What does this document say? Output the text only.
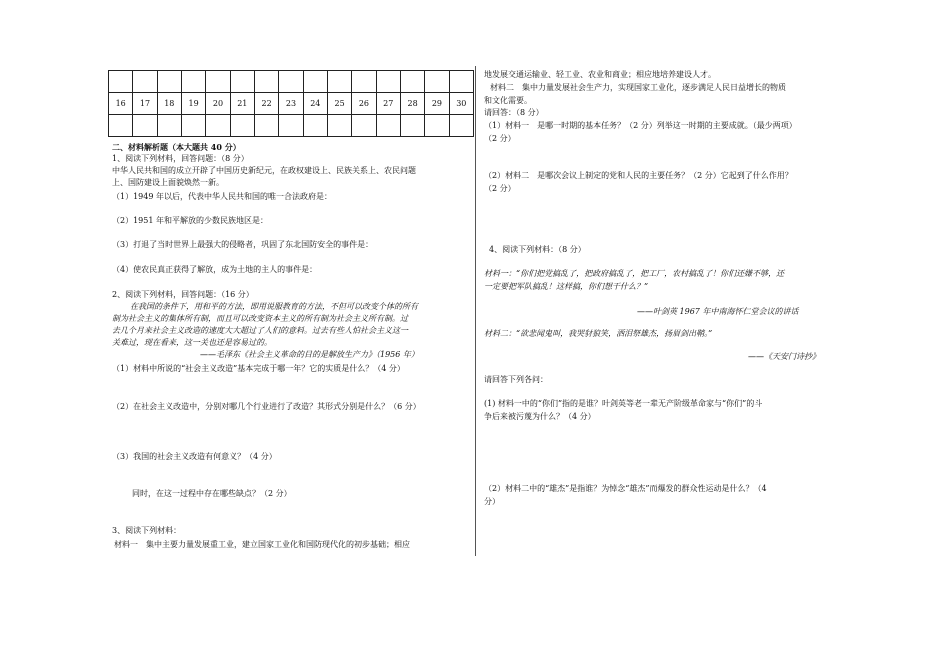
16	17	18	19	20	21	22	23	24	25	26	27	28	29	30

二、材料解析题（本大题共 40 分）
1、阅读下列材料，回答问题：（8 分）
中华人民共和国的成立开辟了中国历史新纪元，在政权建设上、民族关系上、农民问题
上、国防建设上面貌焕然一新。
（1）1949 年以后，代表中华人民共和国的唯一合法政府是：
（2）1951 年和平解放的少数民族地区是：
（3）打退了当时世界上最强大的侵略者，巩固了东北国防安全的事件是：
（4）使农民真正获得了解放，成为土地的主人的事件是：
2、阅读下列材料，回答问题：（16 分）
在我国的条件下，用和平的方法，即用说服教育的方法，不但可以改变个体的所有
制为社会主义的集体所有制，而且可以改变资本主义的所有制为社会主义所有制。过
去几个月来社会主义改造的速度大大超过了人们的意料。过去有些人怕社会主义这一
关难过，现在看来，这一关也还是容易过的。
——毛泽东《社会主义革命的目的是解放生产力》（1956 年）
（1）材料中所说的“社会主义改造”基本完成于哪一年？它的实质是什么？（4 分）
（2）在社会主义改造中，分别对哪几个行业进行了改造？其形式分别是什么？（6 分）
（3）我国的社会主义改造有何意义？（4 分）
同时，在这一过程中存在哪些缺点？（2 分）
3、阅读下列材料：
材料一　集中主要力量发展重工业，建立国家工业化和国防现代化的初步基础；相应
地发展交通运输业、轻工业、农业和商业；相应地培养建设人才。
材料二　集中力量发展社会生产力，实现国家工业化，逐步满足人民日益增长的物质
和文化需要。
请回答：（8 分）
（1）材料一　是哪一时期的基本任务？（2 分）列举这一时期的主要成就。（最少两项）
（2 分）
（2）材料二　是哪次会议上制定的党和人民的主要任务？（2 分）它起到了什么作用？
（2 分）
4、阅读下列材料：（8 分）
材料一：“你们把党搞乱了，把政府搞乱了，把工厂，农村搞乱了！你们还嫌不够，还
一定要把军队搞乱！这样搞，你们想干什么？”
——叶剑英 1967 年中南海怀仁堂会议的讲话
材料二：“欲悲闻鬼叫，我哭豺狼笑，洒泪祭雄杰，扬眉剑出鞘。”
——《天安门诗抄》
请回答下列各问：
(1) 材料一中的“你们”指的是谁？叶剑英等老一辈无产阶级革命家与“你们”的斗
争后来被污蔑为什么？（4 分）
（2）材料二中的“雄杰”是指谁？为悼念“雄杰”而爆发的群众性运动是什么？（4
分）
